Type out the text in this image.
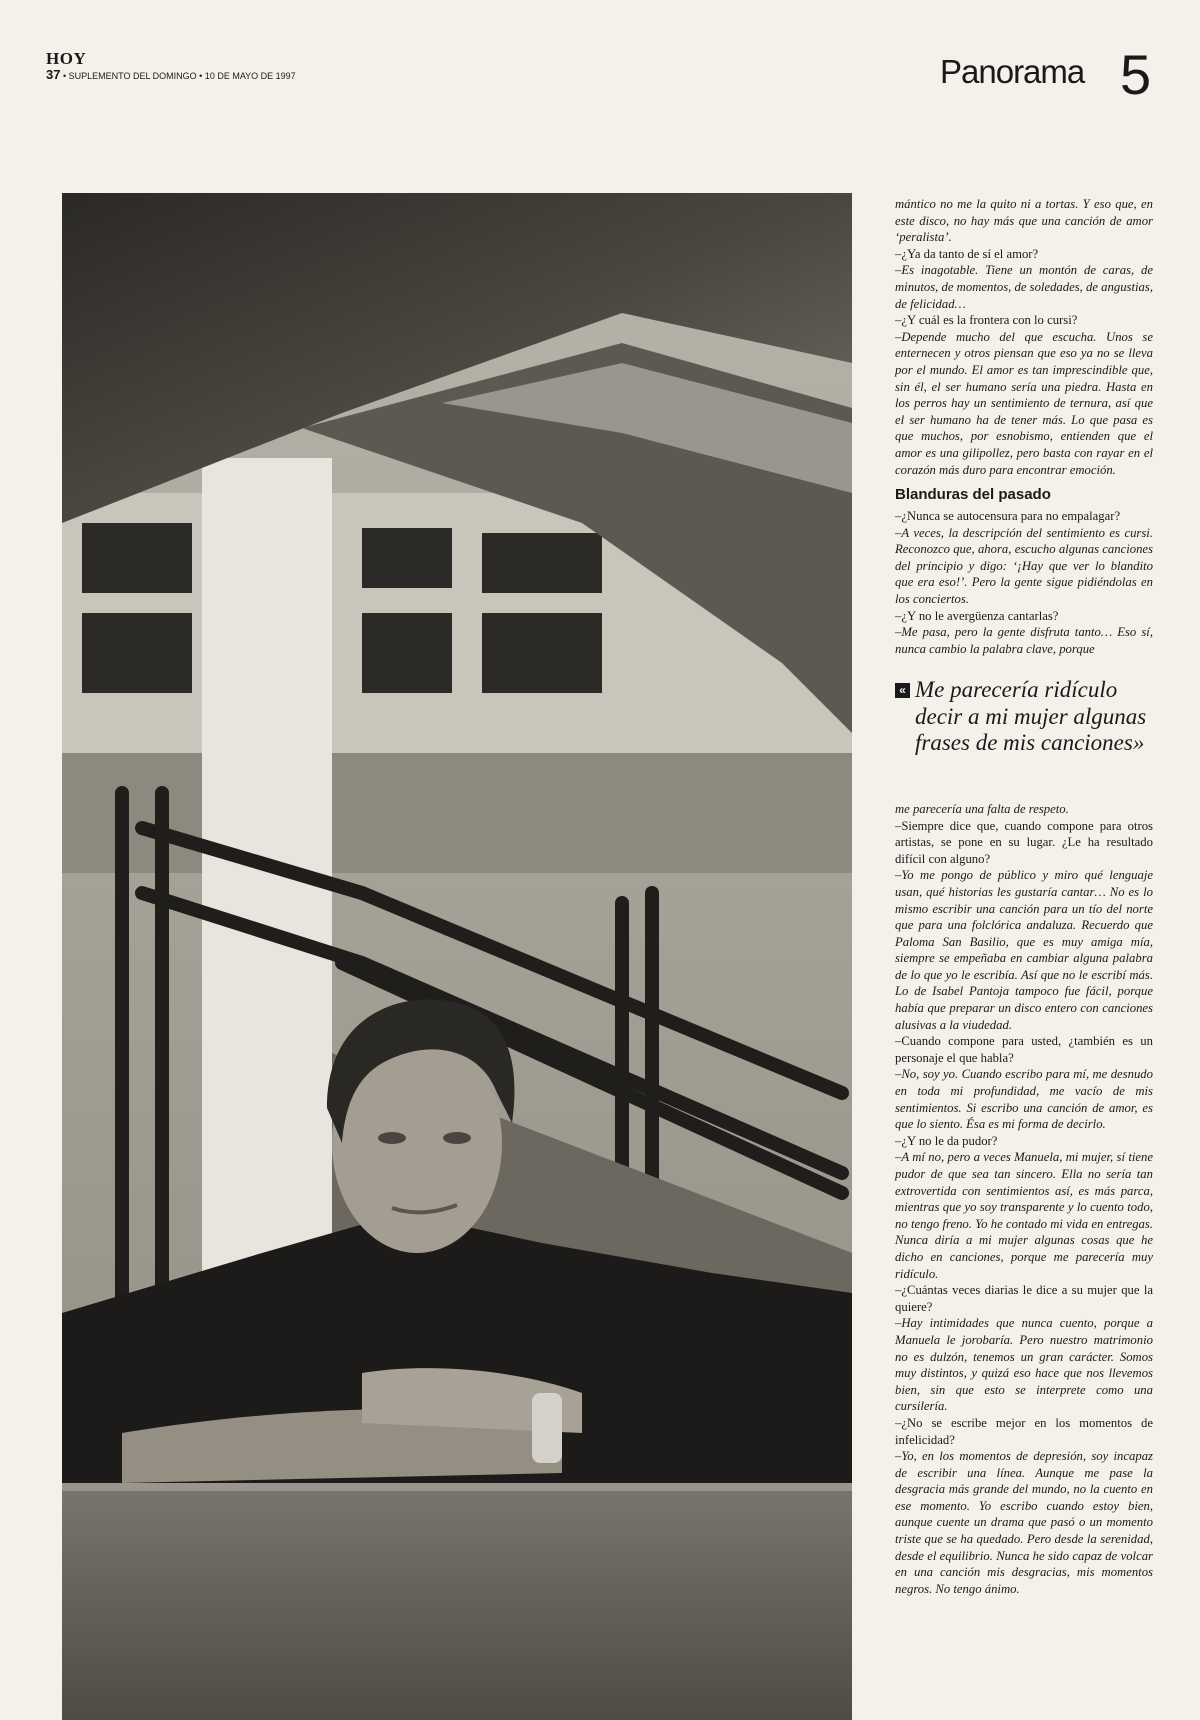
HOY
37 • SUPLEMENTO DEL DOMINGO • 10 DE MAYO DE 1997	Panorama 5

mántico no me la quito ni a tortas. Y eso que, en este disco, no hay más que una canción de amor ‘peralista’.

–¿Ya da tanto de sí el amor?

–Es inagotable. Tiene un montón de caras, de minutos, de momentos, de soledades, de angustias, de felicidad…

–¿Y cuál es la frontera con lo cursi?

–Depende mucho del que escucha. Unos se enternecen y otros piensan que eso ya no se lleva por el mundo. El amor es tan imprescindible que, sin él, el ser humano sería una piedra. Hasta en los perros hay un sentimiento de ternura, así que el ser humano ha de tener más. Lo que pasa es que muchos, por esnobismo, entienden que el amor es una gilipollez, pero basta con rayar en el corazón más duro para encontrar emoción.

Blanduras del pasado

–¿Nunca se autocensura para no empalagar?

–A veces, la descripción del sentimiento es cursi. Reconozco que, ahora, escucho algunas canciones del principio y digo: ‘¡Hay que ver lo blandito que era eso!’. Pero la gente sigue pidiéndolas en los conciertos.

–¿Y no le avergüenza cantarlas?

–Me pasa, pero la gente disfruta tanto… Eso sí, nunca cambio la palabra clave, porque

« Me parecería ridículo decir a mi mujer algunas frases de mis canciones»

me parecería una falta de respeto.

–Siempre dice que, cuando compone para otros artistas, se pone en su lugar. ¿Le ha resultado difícil con alguno?

–Yo me pongo de público y miro qué lenguaje usan, qué historias les gustaría cantar… No es lo mismo escribir una canción para un tío del norte que para una folclórica andaluza. Recuerdo que Paloma San Basilio, que es muy amiga mía, siempre se empeñaba en cambiar alguna palabra de lo que yo le escribía. Así que no le escribí más. Lo de Isabel Pantoja tampoco fue fácil, porque había que preparar un disco entero con canciones alusivas a la viudedad.

–Cuando compone para usted, ¿también es un personaje el que habla?

–No, soy yo. Cuando escribo para mí, me desnudo en toda mi profundidad, me vacío de mis sentimientos. Si escribo una canción de amor, es que lo siento. Ésa es mi forma de decirlo.

–¿Y no le da pudor?

–A mí no, pero a veces Manuela, mi mujer, sí tiene pudor de que sea tan sincero. Ella no sería tan extrovertida con sentimientos así, es más parca, mientras que yo soy transparente y lo cuento todo, no tengo freno. Yo he contado mi vida en entregas. Nunca diría a mi mujer algunas cosas que he dicho en canciones, porque me parecería muy ridículo.

–¿Cuántas veces diarias le dice a su mujer que la quiere?

–Hay intimidades que nunca cuento, porque a Manuela le jorobaría. Pero nuestro matrimonio no es dulzón, tenemos un gran carácter. Somos muy distintos, y quizá eso hace que nos llevemos bien, sin que esto se interprete como una cursilería.

–¿No se escribe mejor en los momentos de infelicidad?

–Yo, en los momentos de depresión, soy incapaz de escribir una línea. Aunque me pase la desgracia más grande del mundo, no la cuento en ese momento. Yo escribo cuando estoy bien, aunque cuente un drama que pasó o un momento triste que se ha quedado. Pero desde la serenidad, desde el equilibrio. Nunca he sido capaz de volcar en una canción mis desgracias, mis momentos negros. No tengo ánimo.
